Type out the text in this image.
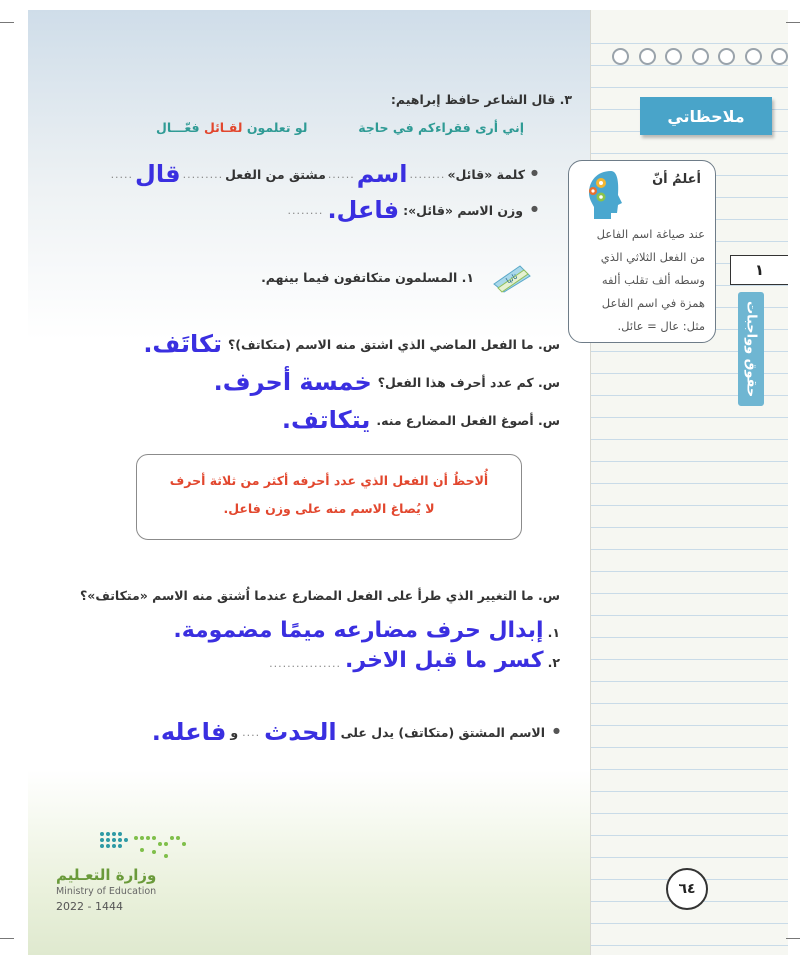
ملاحظاتي
أعلمُ أنّ
عند صياغة اسم الفاعل
من الفعل الثلاثي الذي
وسطه ألف تقلب ألفه
همزة في اسم الفاعل
مثل: عال = عائل.
١
حقوق وواجبات
٣. قال الشاعر حافظ إبراهيم:
إني أرى فقراءكم في حاجة
لو تعلمون لقـائل فعّـــال
● كلمة «قائل»
........
اسم
......
مشتق من الفعل
.........
قال
.....
● وزن الاسم «قائل»:
فاعل.
........
ثانيا
١. المسلمون متكاتفون فيما بينهم.
س. ما الفعل الماضي الذي اشتق منه الاسم (متكاتف)؟
تكاتَف.
س. كم عدد أحرف هذا الفعل؟
خمسة أحرف.
س. أصوغ الفعل المضارع منه.
يتكاتف.
أُلاحظُ أن الفعل الذي عدد أحرفه أكثر من ثلاثة أحرف
لا يُصاغ الاسم منه على وزن فاعل.
س. ما التغيير الذي طرأ على الفعل المضارع عندما اُشتق منه الاسم «متكاتف»؟
١.
إبدال حرف مضارعه ميمًا مضمومة.
٢.
كسر ما قبل الاخر.
................
● الاسم المشتق (متكاتف) يدل على
الحدث
....
و
فاعله.
٦٤
وزارة التعـليم
Ministry of Education
2022 - 1444
